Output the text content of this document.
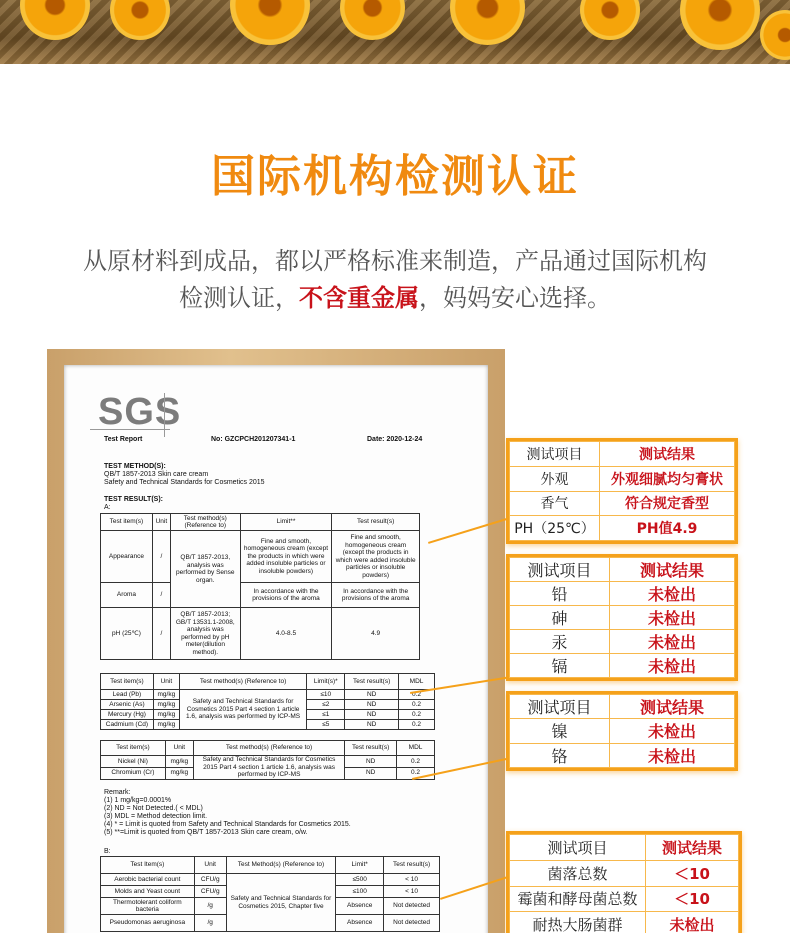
国际机构检测认证
从原材料到成品，都以严格标准来制造，产品通过国际机构
检测认证，不含重金属，妈妈安心选择。
SGS
Test Report	No: GZCPCH201207341-1	Date: 2020-12-24
TEST METHOD(S):
QB/T 1857-2013 Skin care cream
Safety and Technical Standards for Cosmetics 2015
TEST RESULT(S):
A:
Test item(s)	Unit	Test method(s) (Reference to)	Limit**	Test result(s)
Appearance	/	QB/T 1857-2013, analysis was performed by Sense organ.	Fine and smooth, homogeneous cream (except the products in which were added insoluble particles or insoluble powders)	Fine and smooth, homogeneous cream (except the products in which were added insoluble particles or insoluble powders)
Aroma	/		In accordance with the provisions of the aroma	In accordance with the provisions of the aroma
pH (25℃)	/	QB/T 1857-2013; GB/T 13531.1-2008, analysis was performed by pH meter(dilution method).	4.0-8.5	4.9
Test item(s)	Unit	Test method(s) (Reference to)	Limit(s)*	Test result(s)	MDL
Lead (Pb)	mg/kg	Safety and Technical Standards for Cosmetics 2015 Part 4 section 1 article 1.6, analysis was performed by ICP-MS	≤10	ND	0.2
Arsenic (As)	mg/kg		≤2	ND	0.2
Mercury (Hg)	mg/kg		≤1	ND	0.2
Cadmium (Cd)	mg/kg		≤5	ND	0.2
Test item(s)	Unit	Test method(s) (Reference to)	Test result(s)	MDL
Nickel (Ni)	mg/kg	Safety and Technical Standards for Cosmetics 2015 Part 4 section 1 article 1.6, analysis was performed by ICP-MS	ND	0.2
Chromium (Cr)	mg/kg		ND	0.2
Remark:
(1) 1 mg/kg=0.0001%
(2) ND = Not Detected.( < MDL)
(3) MDL = Method detection limit.
(4) * = Limit is quoted from Safety and Technical Standards for Cosmetics 2015.
(5) **=Limit is quoted from QB/T 1857-2013 Skin care cream, o/w.
B:
Test Item(s)	Unit	Test Method(s) (Reference to)	Limit*	Test result(s)
Aerobic bacterial count	CFU/g	Safety and Technical Standards for Cosmetics 2015, Chapter five	≤500	< 10
Molds and Yeast count	CFU/g		≤100	< 10
Thermotolerant coliform bacteria	/g		Absence	Not detected
Pseudomonas aeruginosa	/g		Absence	Not detected
测试项目	测试结果
外观	外观细腻均匀膏状
香气	符合规定香型
PH（25℃）	PH值4.9
测试项目	测试结果
铅	未检出
砷	未检出
汞	未检出
镉	未检出
测试项目	测试结果
镍	未检出
铬	未检出
测试项目	测试结果
菌落总数	＜10
霉菌和酵母菌总数	＜10
耐热大肠菌群	未检出
